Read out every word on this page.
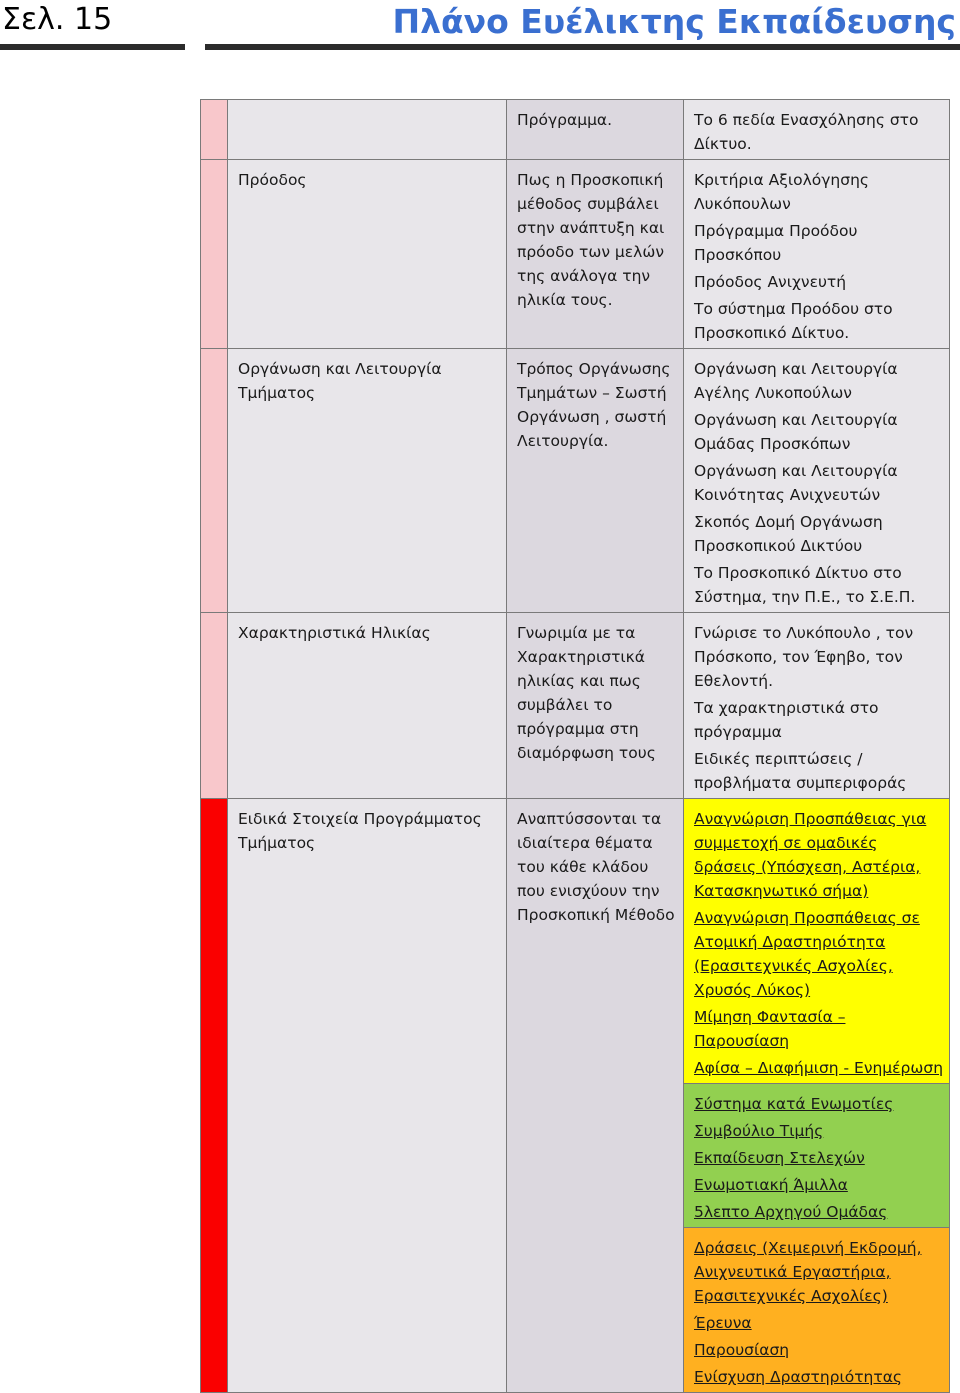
Σελ. 15	Πλάνο Ευέλικτης Εκπαίδευσης
		Πρόγραμμα.	Το 6 πεδία Ενασχόλησης στο Δίκτυο.

	Πρόοδος	Πως η Προσκοπική μέθοδος συμβάλει στην ανάπτυξη και πρόοδο των μελών της ανάλογα την ηλικία τους.	Κριτήρια Αξιολόγησης Λυκόπουλων
Πρόγραμμα Προόδου Προσκόπου
Πρόοδος Ανιχνευτή
Το σύστημα Προόδου στο Προσκοπικό Δίκτυο.

	Οργάνωση και Λειτουργία Τμήματος	Τρόπος Οργάνωσης Τμημάτων – Σωστή Οργάνωση , σωστή Λειτουργία.	Οργάνωση και Λειτουργία Αγέλης Λυκοπούλων
Οργάνωση και Λειτουργία Ομάδας Προσκόπων
Οργάνωση και Λειτουργία Κοινότητας Ανιχνευτών
Σκοπός Δομή Οργάνωση Προσκοπικού Δικτύου
Το Προσκοπικό Δίκτυο στο Σύστημα, την Π.Ε., το Σ.Ε.Π.

	Χαρακτηριστικά Ηλικίας	Γνωριμία με τα Χαρακτηριστικά ηλικίας και πως συμβάλει το πρόγραμμα στη διαμόρφωση τους	Γνώρισε το Λυκόπουλο , τον Πρόσκοπο, τον Έφηβο, τον Εθελοντή.
Τα χαρακτηριστικά στο πρόγραμμα
Ειδικές περιπτώσεις / προβλήματα συμπεριφοράς

	Ειδικά Στοιχεία Προγράμματος Τμήματος	Αναπτύσσονται τα ιδιαίτερα θέματα του κάθε κλάδου που ενισχύουν την Προσκοπική Μέθοδο	Αναγνώριση Προσπάθειας για συμμετοχή σε ομαδικές δράσεις (Υπόσχεση, Αστέρια, Κατασκηνωτικό σήμα)
Αναγνώριση Προσπάθειας σε Ατομική Δραστηριότητα (Ερασιτεχνικές Ασχολίες, Χρυσός Λύκος)
Μίμηση Φαντασία – Παρουσίαση
Αφίσα – Διαφήμιση - Ενημέρωση

			Σύστημα κατά Ενωμοτίες
Συμβούλιο Τιμής
Εκπαίδευση Στελεχών
Ενωμοτιακή Άμιλλα
5λεπτο Αρχηγού Ομάδας

			Δράσεις (Χειμερινή Εκδρομή, Ανιχνευτικά Εργαστήρια, Ερασιτεχνικές Ασχολίες)
Έρευνα
Παρουσίαση
Ενίσχυση Δραστηριότητας
